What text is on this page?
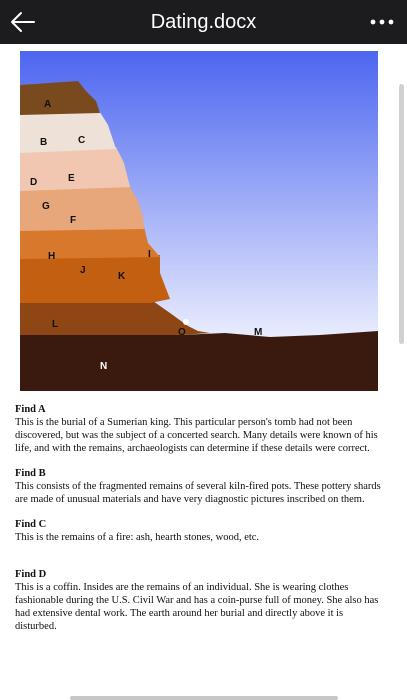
Dating.docx
A
B	C
D	E
G
F
H	I
J
K
L
M
O
N
Find A

This is the burial of a Sumerian king. This particular person's tomb had not been discovered, but was the subject of a concerted search. Many details were known of his life, and with the remains, archaeologists can determine if these details were correct.

Find B

This consists of the fragmented remains of several kiln-fired pots. These pottery shards are made of unusual materials and have very diagnostic pictures inscribed on them.

Find C

This is the remains of a fire: ash, hearth stones, wood, etc.

Find D

This is a coffin. Insides are the remains of an individual. She is wearing clothes fashionable during the U.S. Civil War and has a coin-purse full of money. She also has had extensive dental work. The earth around her burial and directly above it is disturbed.
